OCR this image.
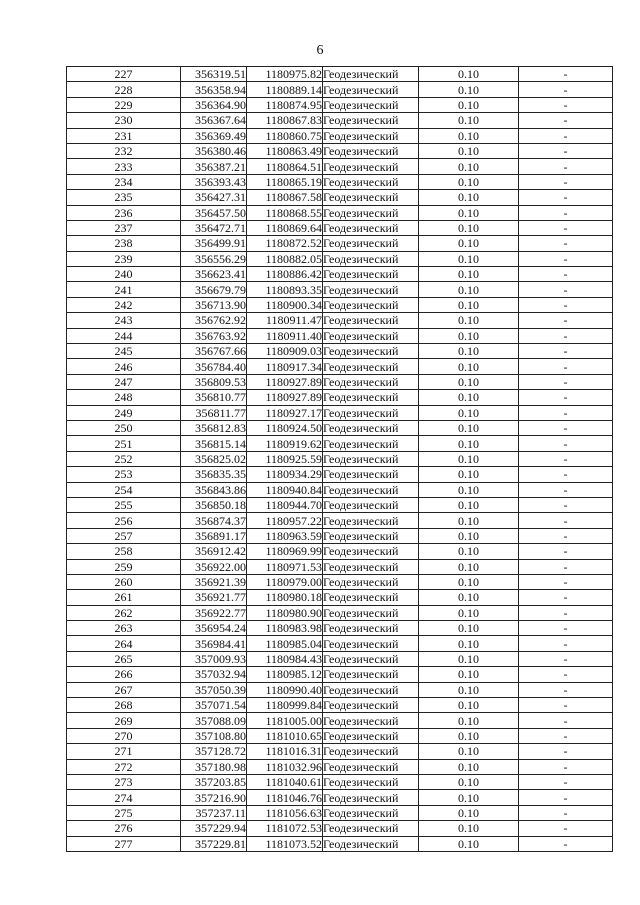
6
227	356319.51	1180975.82	Геодезический	0.10	-
228	356358.94	1180889.14	Геодезический	0.10	-
229	356364.90	1180874.95	Геодезический	0.10	-
230	356367.64	1180867.83	Геодезический	0.10	-
231	356369.49	1180860.75	Геодезический	0.10	-
232	356380.46	1180863.49	Геодезический	0.10	-
233	356387.21	1180864.51	Геодезический	0.10	-
234	356393.43	1180865.19	Геодезический	0.10	-
235	356427.31	1180867.58	Геодезический	0.10	-
236	356457.50	1180868.55	Геодезический	0.10	-
237	356472.71	1180869.64	Геодезический	0.10	-
238	356499.91	1180872.52	Геодезический	0.10	-
239	356556.29	1180882.05	Геодезический	0.10	-
240	356623.41	1180886.42	Геодезический	0.10	-
241	356679.79	1180893.35	Геодезический	0.10	-
242	356713.90	1180900.34	Геодезический	0.10	-
243	356762.92	1180911.47	Геодезический	0.10	-
244	356763.92	1180911.40	Геодезический	0.10	-
245	356767.66	1180909.03	Геодезический	0.10	-
246	356784.40	1180917.34	Геодезический	0.10	-
247	356809.53	1180927.89	Геодезический	0.10	-
248	356810.77	1180927.89	Геодезический	0.10	-
249	356811.77	1180927.17	Геодезический	0.10	-
250	356812.83	1180924.50	Геодезический	0.10	-
251	356815.14	1180919.62	Геодезический	0.10	-
252	356825.02	1180925.59	Геодезический	0.10	-
253	356835.35	1180934.29	Геодезический	0.10	-
254	356843.86	1180940.84	Геодезический	0.10	-
255	356850.18	1180944.70	Геодезический	0.10	-
256	356874.37	1180957.22	Геодезический	0.10	-
257	356891.17	1180963.59	Геодезический	0.10	-
258	356912.42	1180969.99	Геодезический	0.10	-
259	356922.00	1180971.53	Геодезический	0.10	-
260	356921.39	1180979.00	Геодезический	0.10	-
261	356921.77	1180980.18	Геодезический	0.10	-
262	356922.77	1180980.90	Геодезический	0.10	-
263	356954.24	1180983.98	Геодезический	0.10	-
264	356984.41	1180985.04	Геодезический	0.10	-
265	357009.93	1180984.43	Геодезический	0.10	-
266	357032.94	1180985.12	Геодезический	0.10	-
267	357050.39	1180990.40	Геодезический	0.10	-
268	357071.54	1180999.84	Геодезический	0.10	-
269	357088.09	1181005.00	Геодезический	0.10	-
270	357108.80	1181010.65	Геодезический	0.10	-
271	357128.72	1181016.31	Геодезический	0.10	-
272	357180.98	1181032.96	Геодезический	0.10	-
273	357203.85	1181040.61	Геодезический	0.10	-
274	357216.90	1181046.76	Геодезический	0.10	-
275	357237.11	1181056.63	Геодезический	0.10	-
276	357229.94	1181072.53	Геодезический	0.10	-
277	357229.81	1181073.52	Геодезический	0.10	-
